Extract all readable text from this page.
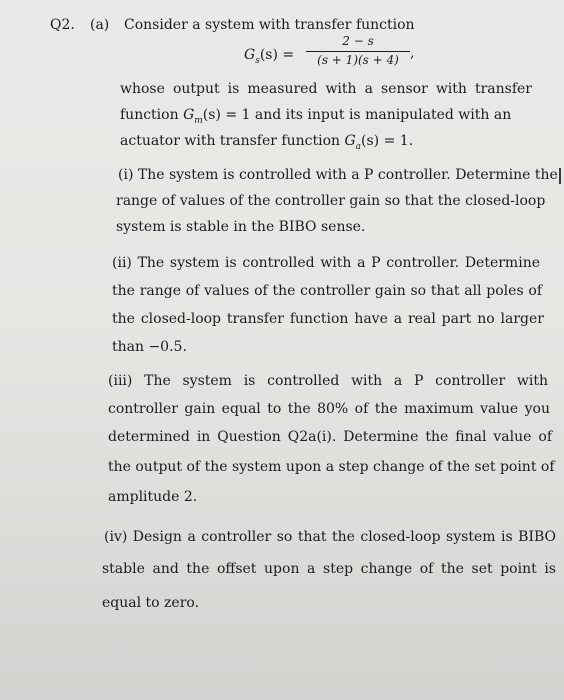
Q2. (a) Consider a system with transfer function
$G_s(s)$ =
2 − s
(s + 1)(s + 4) ,
whose output is measured with a sensor with transfer
function $G_m(s) = 1$ and its input is manipulated with an
actuator with transfer function $G_a(s) = 1$.
(i) The system is controlled with a P controller. Determine the
range of values of the controller gain so that the closed-loop
system is stable in the BIBO sense.
(ii) The system is controlled with a P controller. Determine
the range of values of the controller gain so that all poles of
the closed-loop transfer function have a real part no larger
than −0.5.
(iii) The system is controlled with a P controller with
controller gain equal to the 80% of the maximum value you
determined in Question Q2a(i). Determine the final value of
the output of the system upon a step change of the set point of
amplitude 2.
(iv) Design a controller so that the closed-loop system is BIBO
stable and the offset upon a step change of the set point is
equal to zero.
